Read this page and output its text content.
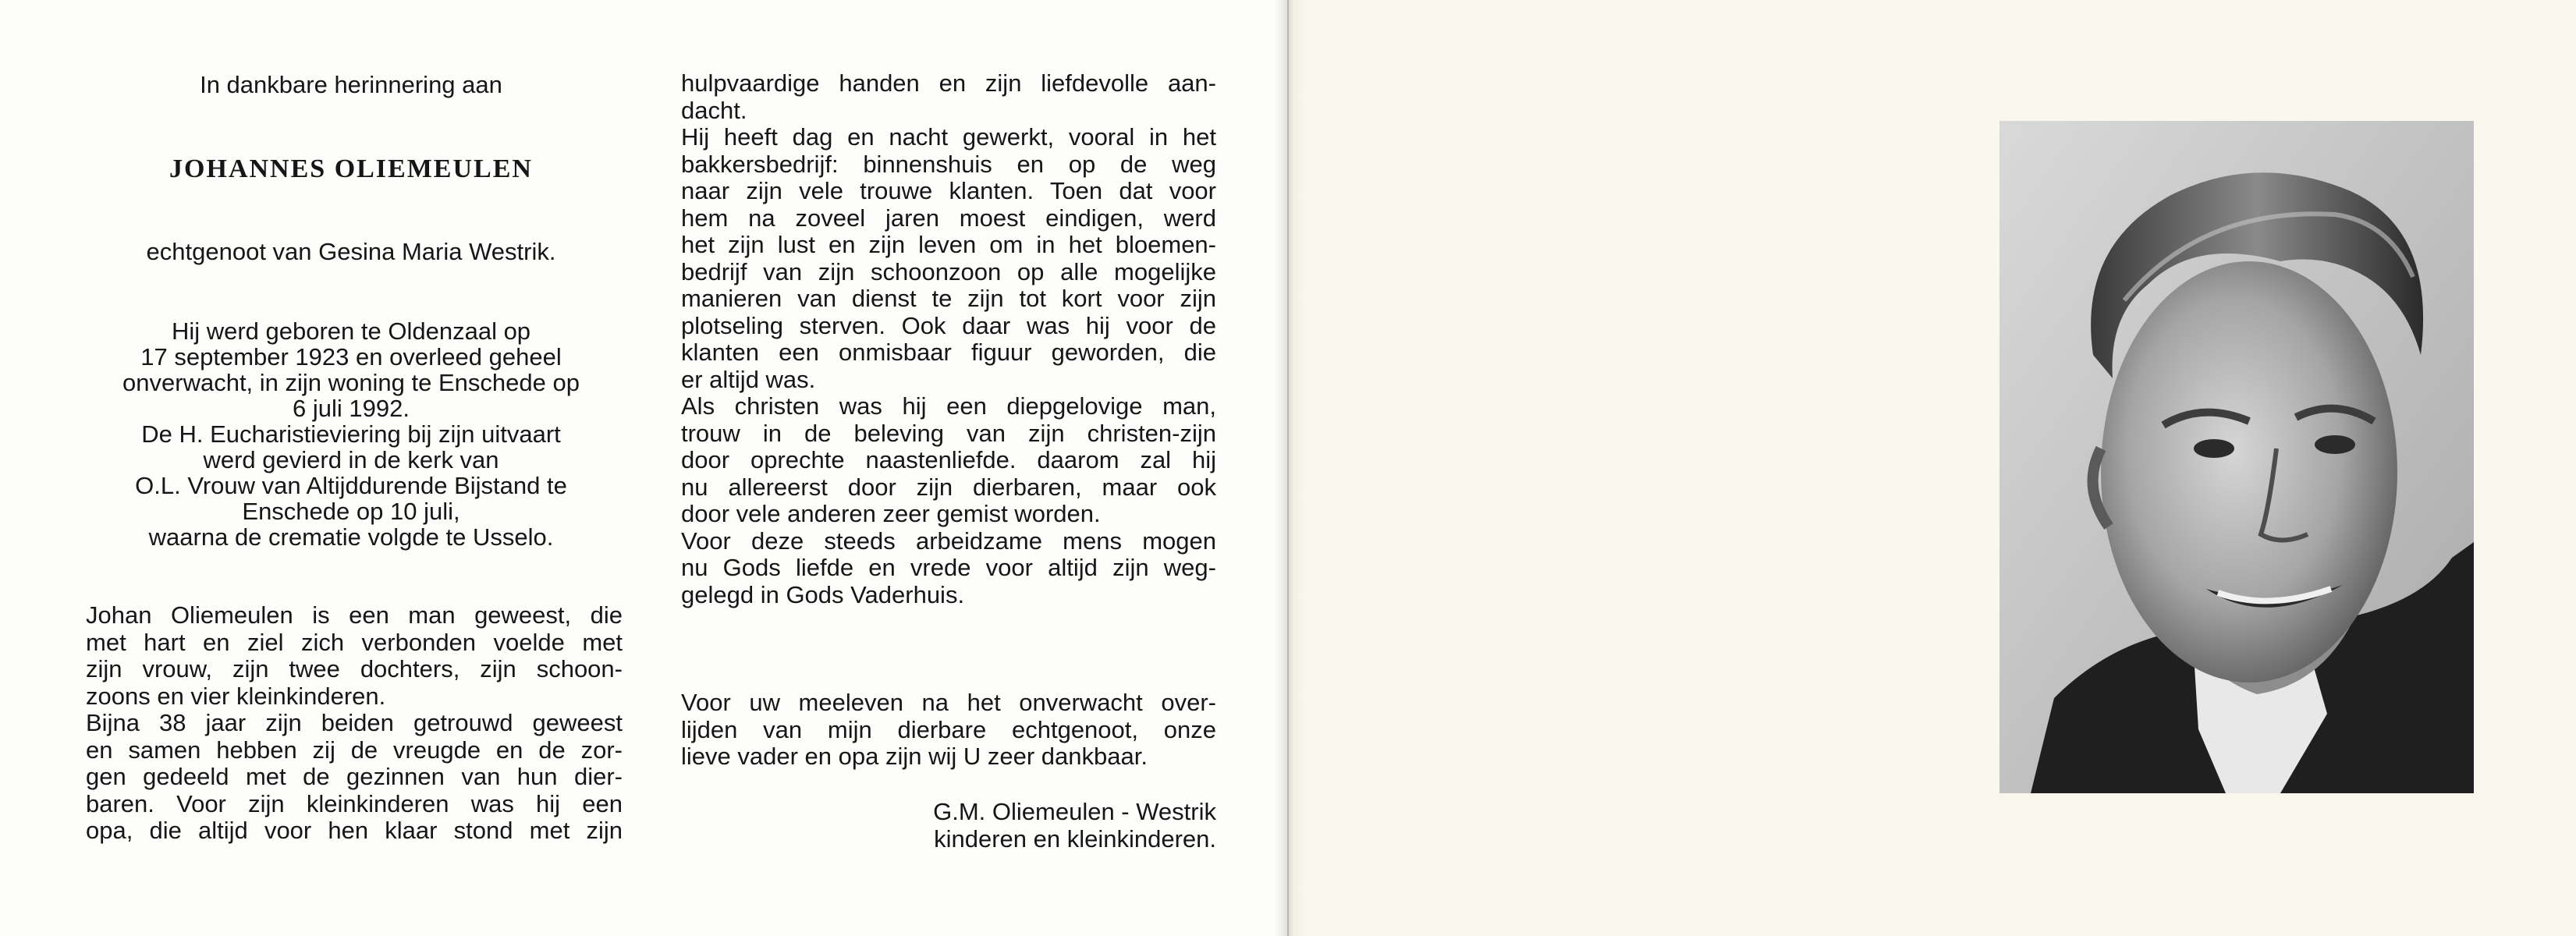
In dankbare herinnering aan
JOHANNES OLIEMEULEN
echtgenoot van Gesina Maria Westrik.
Hij werd geboren te Oldenzaal op
17 september 1923 en overleed geheel
onverwacht, in zijn woning te Enschede op
6 juli 1992.
De H. Eucharistieviering bij zijn uitvaart
werd gevierd in de kerk van
O.L. Vrouw van Altijddurende Bijstand te
Enschede op 10 juli,
waarna de crematie volgde te Usselo.
Johan Oliemeulen is een man geweest, die
met hart en ziel zich verbonden voelde met
zijn vrouw, zijn twee dochters, zijn schoon-
zoons en vier kleinkinderen.
Bijna 38 jaar zijn beiden getrouwd geweest
en samen hebben zij de vreugde en de zor-
gen gedeeld met de gezinnen van hun dier-
baren. Voor zijn kleinkinderen was hij een
opa, die altijd voor hen klaar stond met zijn
hulpvaardige handen en zijn liefdevolle aan-
dacht.
Hij heeft dag en nacht gewerkt, vooral in het
bakkersbedrijf: binnenshuis en op de weg
naar zijn vele trouwe klanten. Toen dat voor
hem na zoveel jaren moest eindigen, werd
het zijn lust en zijn leven om in het bloemen-
bedrijf van zijn schoonzoon op alle mogelijke
manieren van dienst te zijn tot kort voor zijn
plotseling sterven. Ook daar was hij voor de
klanten een onmisbaar figuur geworden, die
er altijd was.
Als christen was hij een diepgelovige man,
trouw in de beleving van zijn christen-zijn
door oprechte naastenliefde. daarom zal hij
nu allereerst door zijn dierbaren, maar ook
door vele anderen zeer gemist worden.
Voor deze steeds arbeidzame mens mogen
nu Gods liefde en vrede voor altijd zijn weg-
gelegd in Gods Vaderhuis.
Voor uw meeleven na het onverwacht over-
lijden van mijn dierbare echtgenoot, onze
lieve vader en opa zijn wij U zeer dankbaar.
G.M. Oliemeulen - Westrik
kinderen en kleinkinderen.
